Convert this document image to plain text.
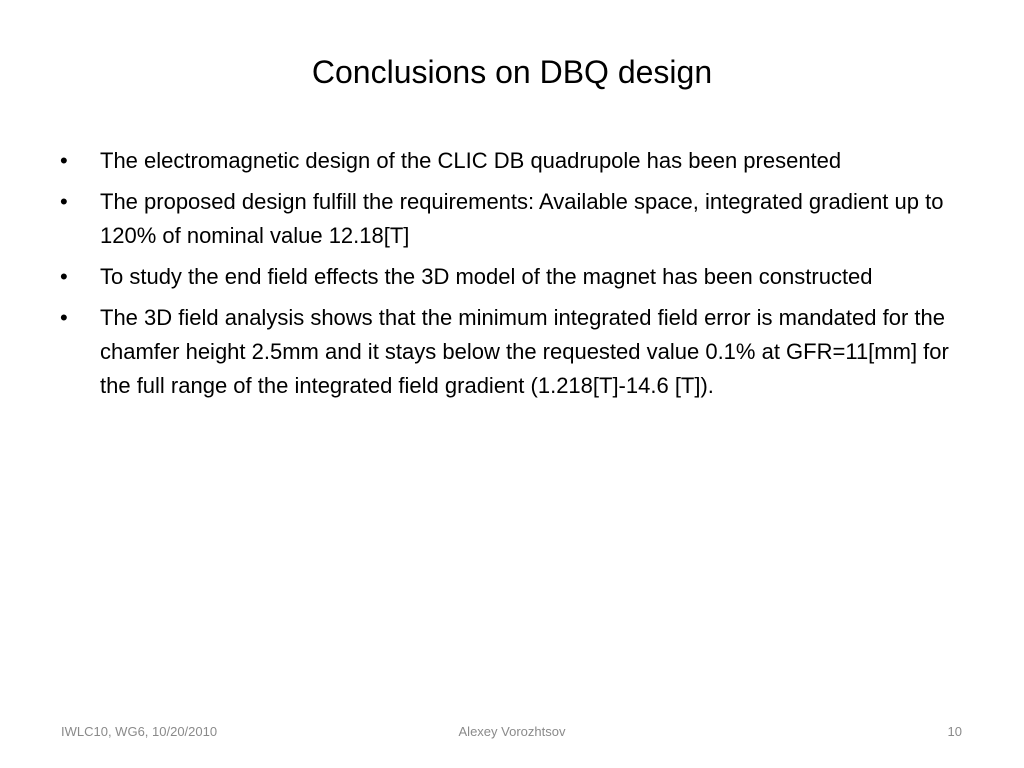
Conclusions on DBQ design
•	The electromagnetic design of the CLIC DB quadrupole has been presented
•	The proposed design fulfill the requirements: Available space, integrated gradient up to 120% of nominal value 12.18[T]
•	To study the end field effects the 3D model of the magnet has been constructed
•	The 3D field analysis shows that the minimum integrated field error is mandated for the chamfer height 2.5mm and it stays below the requested value 0.1% at GFR=11[mm] for the full range of the integrated field gradient (1.218[T]-14.6 [T]).
IWLC10, WG6, 10/20/2010	Alexey Vorozhtsov	10
